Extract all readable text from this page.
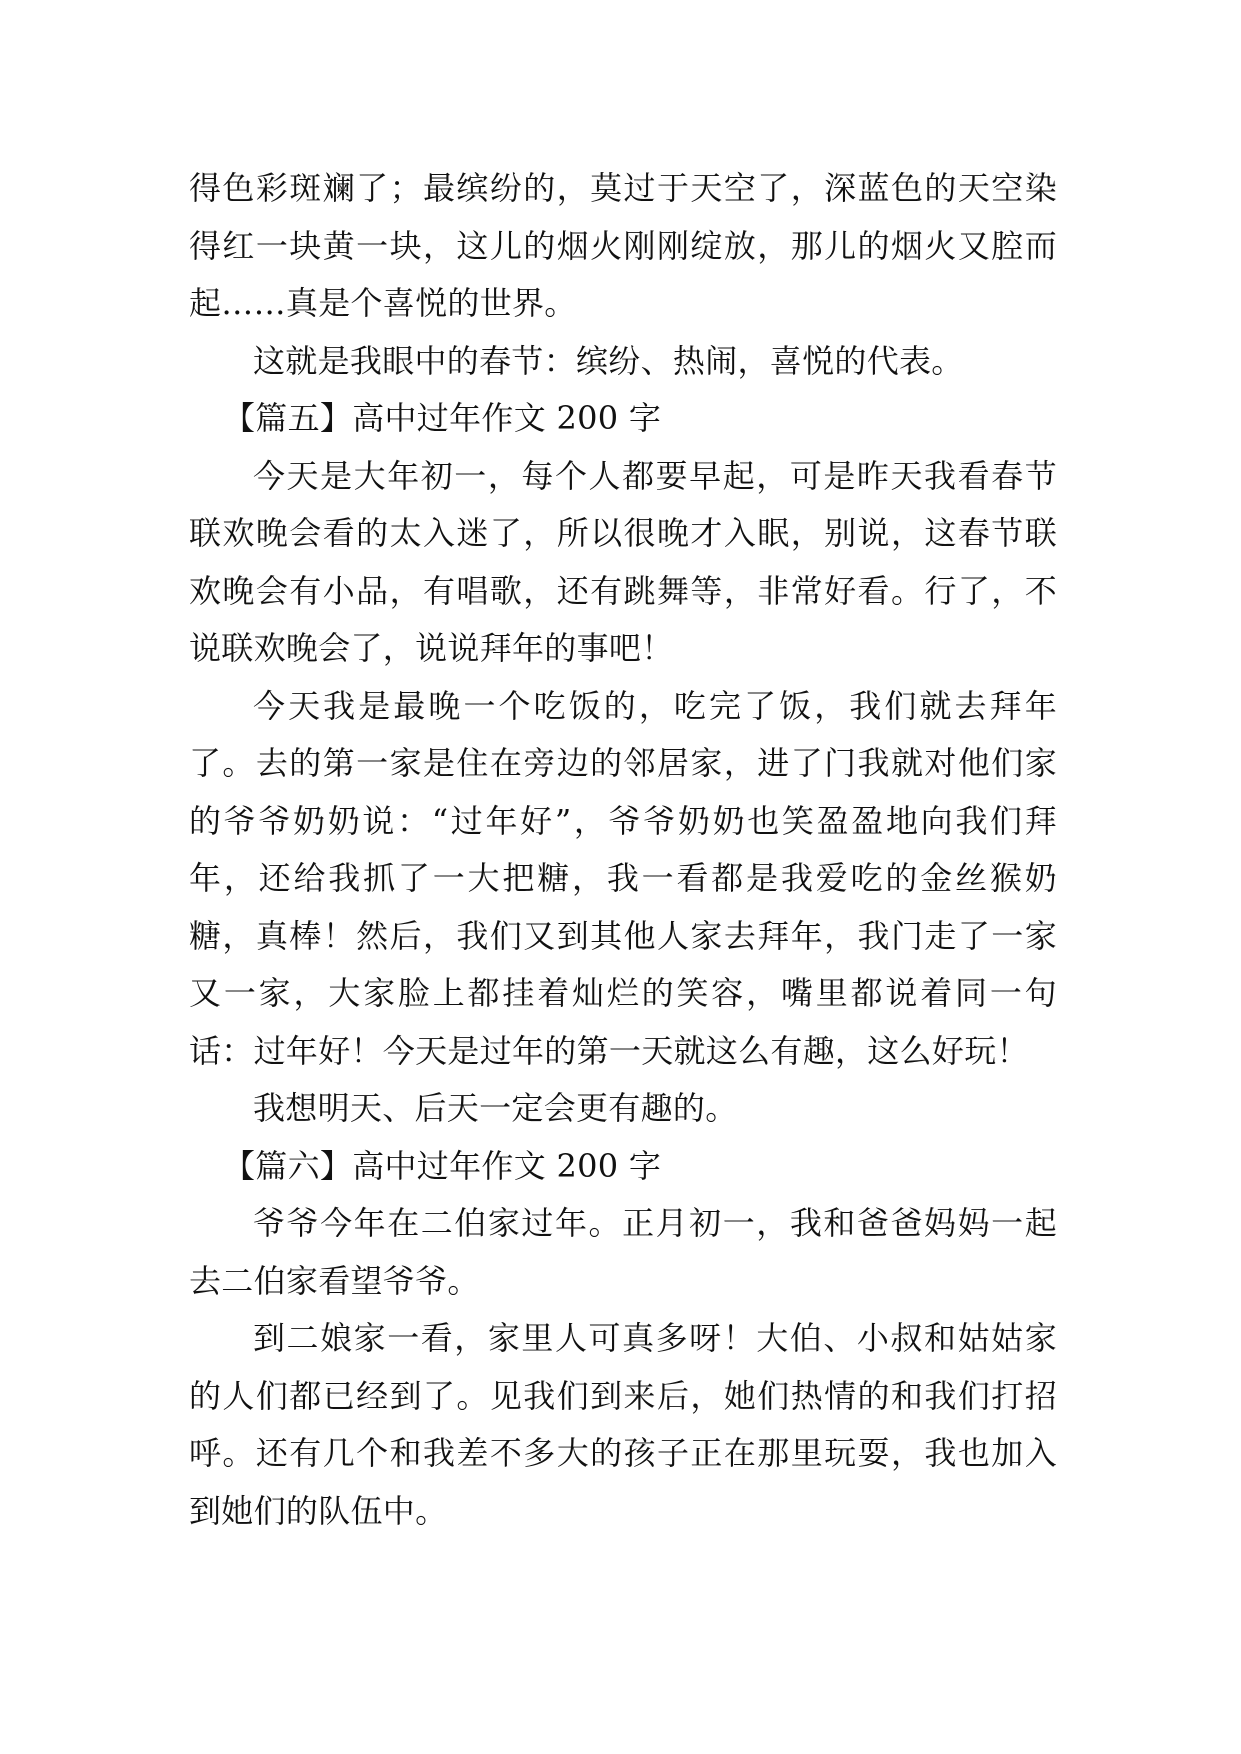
得色彩斑斓了；最缤纷的，莫过于天空了，深蓝色的天空染得红一块黄一块，这儿的烟火刚刚绽放，那儿的烟火又腔而起……真是个喜悦的世界。

这就是我眼中的春节：缤纷、热闹，喜悦的代表。

【篇五】高中过年作文 200 字

今天是大年初一，每个人都要早起，可是昨天我看春节联欢晚会看的太入迷了，所以很晚才入眠，别说，这春节联欢晚会有小品，有唱歌，还有跳舞等，非常好看。行了，不说联欢晚会了，说说拜年的事吧！

今天我是最晚一个吃饭的，吃完了饭，我们就去拜年了。去的第一家是住在旁边的邻居家，进了门我就对他们家的爷爷奶奶说：“过年好”，爷爷奶奶也笑盈盈地向我们拜年，还给我抓了一大把糖，我一看都是我爱吃的金丝猴奶糖，真棒！然后，我们又到其他人家去拜年，我门走了一家又一家，大家脸上都挂着灿烂的笑容，嘴里都说着同一句话：过年好！今天是过年的第一天就这么有趣，这么好玩！

我想明天、后天一定会更有趣的。

【篇六】高中过年作文 200 字

爷爷今年在二伯家过年。正月初一，我和爸爸妈妈一起去二伯家看望爷爷。

到二娘家一看，家里人可真多呀！大伯、小叔和姑姑家的人们都已经到了。见我们到来后，她们热情的和我们打招呼。还有几个和我差不多大的孩子正在那里玩耍，我也加入到她们的队伍中。
